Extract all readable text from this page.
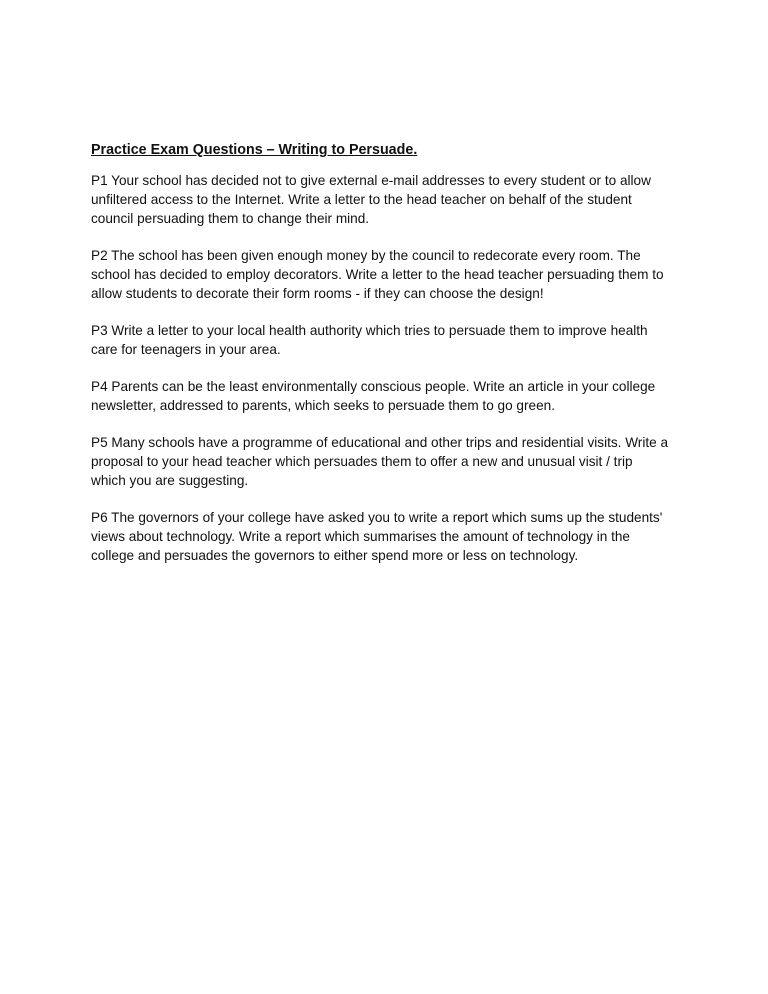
Practice Exam Questions – Writing to Persuade.
P1 Your school has decided not to give external e-mail addresses to every student or to allow
unfiltered access to the Internet. Write a letter to the head teacher on behalf of the student
council persuading them to change their mind.
P2 The school has been given enough money by the council to redecorate every room. The
school has decided to employ decorators. Write a letter to the head teacher persuading them to
allow students to decorate their form rooms - if they can choose the design!
P3 Write a letter to your local health authority which tries to persuade them to improve health
care for teenagers in your area.
P4 Parents can be the least environmentally conscious people. Write an article in your college
newsletter, addressed to parents, which seeks to persuade them to go green.
P5 Many schools have a programme of educational and other trips and residential visits. Write a
proposal to your head teacher which persuades them to offer a new and unusual visit / trip
which you are suggesting.
P6 The governors of your college have asked you to write a report which sums up the students'
views about technology. Write a report which summarises the amount of technology in the
college and persuades the governors to either spend more or less on technology.
